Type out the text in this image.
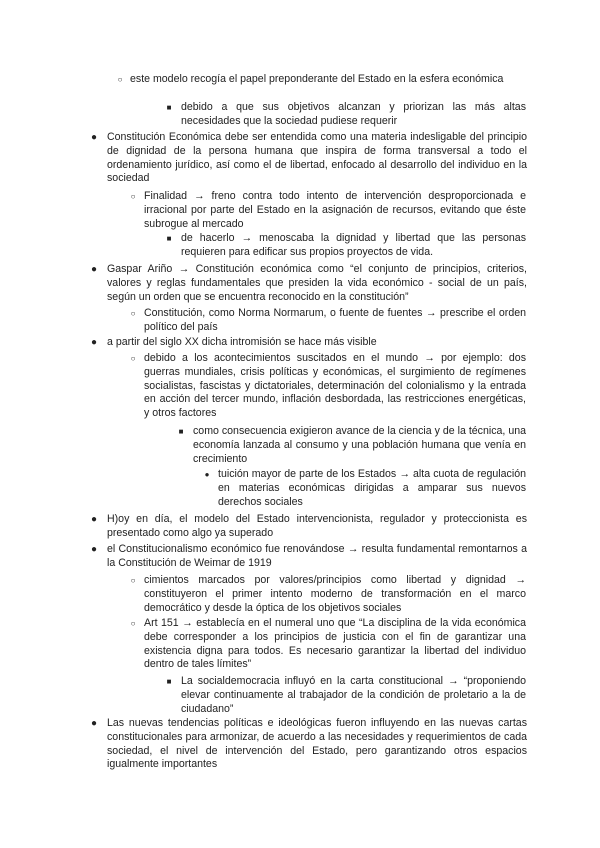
○ este modelo recogía el papel preponderante del Estado en la esfera económica
■ debido a que sus objetivos alcanzan y priorizan las más altas necesidades que la sociedad pudiese requerir
● Constitución Económica debe ser entendida como una materia indesligable del principio de dignidad de la persona humana que inspira de forma transversal a todo el ordenamiento jurídico, así como el de libertad, enfocado al desarrollo del individuo en la sociedad
○ Finalidad → freno contra todo intento de intervención desproporcionada e irracional por parte del Estado en la asignación de recursos, evitando que éste subrogue al mercado
■ de hacerlo → menoscaba la dignidad y libertad que las personas requieren para edificar sus propios proyectos de vida.
● Gaspar Ariño → Constitución económica como “el conjunto de principios, criterios, valores y reglas fundamentales que presiden la vida económico - social de un país, según un orden que se encuentra reconocido en la constitución”
○ Constitución, como Norma Normarum, o fuente de fuentes → prescribe el orden político del país
● a partir del siglo XX dicha intromisión se hace más visible
○ debido a los acontecimientos suscitados en el mundo → por ejemplo: dos guerras mundiales, crisis políticas y económicas, el surgimiento de regímenes socialistas, fascistas y dictatoriales, determinación del colonialismo y la entrada en acción del tercer mundo, inflación desbordada, las restricciones energéticas, y otros factores
■ como consecuencia exigieron avance de la ciencia y de la técnica, una economía lanzada al consumo y una población humana que venía en crecimiento
● tuición mayor de parte de los Estados → alta cuota de regulación en materias económicas dirigidas a amparar sus nuevos derechos sociales
● H)oy en día, el modelo del Estado intervencionista, regulador y proteccionista es presentado como algo ya superado
● el Constitucionalismo económico fue renovándose → resulta fundamental remontarnos a la Constitución de Weimar de 1919
○ cimientos marcados por valores/principios como libertad y dignidad → constituyeron el primer intento moderno de transformación en el marco democrático y desde la óptica de los objetivos sociales
○ Art 151 → establecía en el numeral uno que “La disciplina de la vida económica debe corresponder a los principios de justicia con el fin de garantizar una existencia digna para todos. Es necesario garantizar la libertad del individuo dentro de tales límites”
■ La socialdemocracia influyó en la carta constitucional → “proponiendo elevar continuamente al trabajador de la condición de proletario a la de ciudadano”
● Las nuevas tendencias políticas e ideológicas fueron influyendo en las nuevas cartas constitucionales para armonizar, de acuerdo a las necesidades y requerimientos de cada sociedad, el nivel de intervención del Estado, pero garantizando otros espacios igualmente importantes
